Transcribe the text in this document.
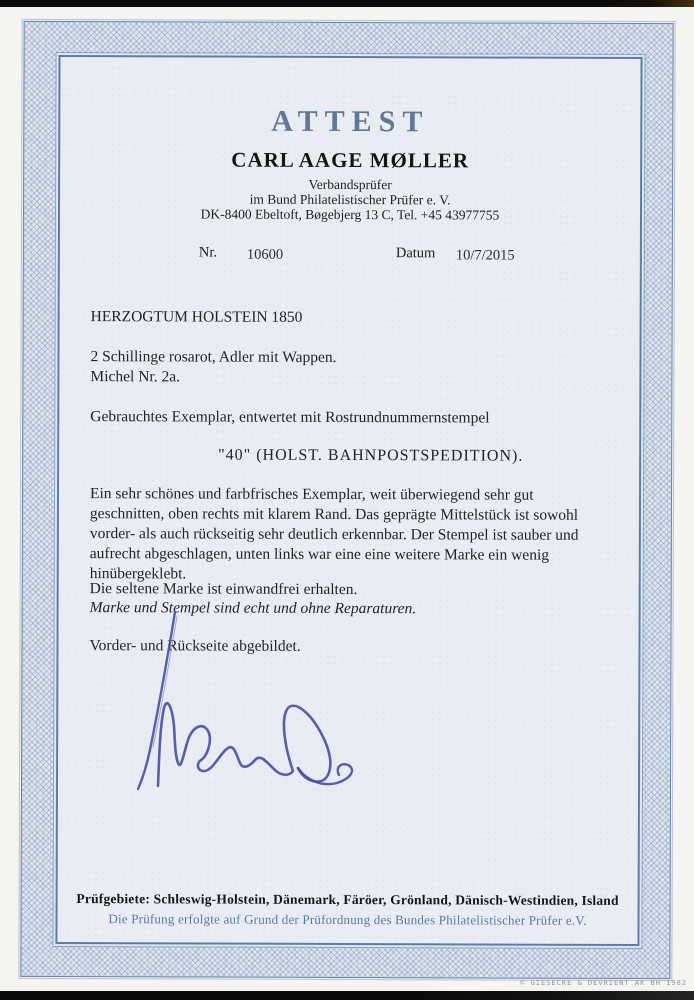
ATTEST
CARL AAGE MØLLER
Verbandsprüfer
im Bund Philatelistischer Prüfer e. V.
DK-8400 Ebeltoft, Bøgebjerg 13 C, Tel. +45 43977755
Nr. 10600	Datum 10/7/2015
HERZOGTUM HOLSTEIN 1850
2 Schillinge rosarot, Adler mit Wappen.
Michel Nr. 2a.
Gebrauchtes Exemplar, entwertet mit Rostrundnummernstempel
"40" (HOLST. BAHNPOSTSPEDITION).
Ein sehr schönes und farbfrisches Exemplar, weit überwiegend sehr gut
geschnitten, oben rechts mit klarem Rand. Das geprägte Mittelstück ist sowohl
vorder- als auch rückseitig sehr deutlich erkennbar. Der Stempel ist sauber und
aufrecht abgeschlagen, unten links war eine eine weitere Marke ein wenig
hinübergeklebt.
Die seltene Marke ist einwandfrei erhalten.
Marke und Stempel sind echt und ohne Reparaturen.
Vorder- und Rückseite abgebildet.
Prüfgebiete: Schleswig-Holstein, Dänemark, Färöer, Grönland, Dänisch-Westindien, Island
Die Prüfung erfolgte auf Grund der Prüfordnung des Bundes Philatelistischer Prüfer e.V.
© GIESECKE & DEVRIENT AK BH 1982
